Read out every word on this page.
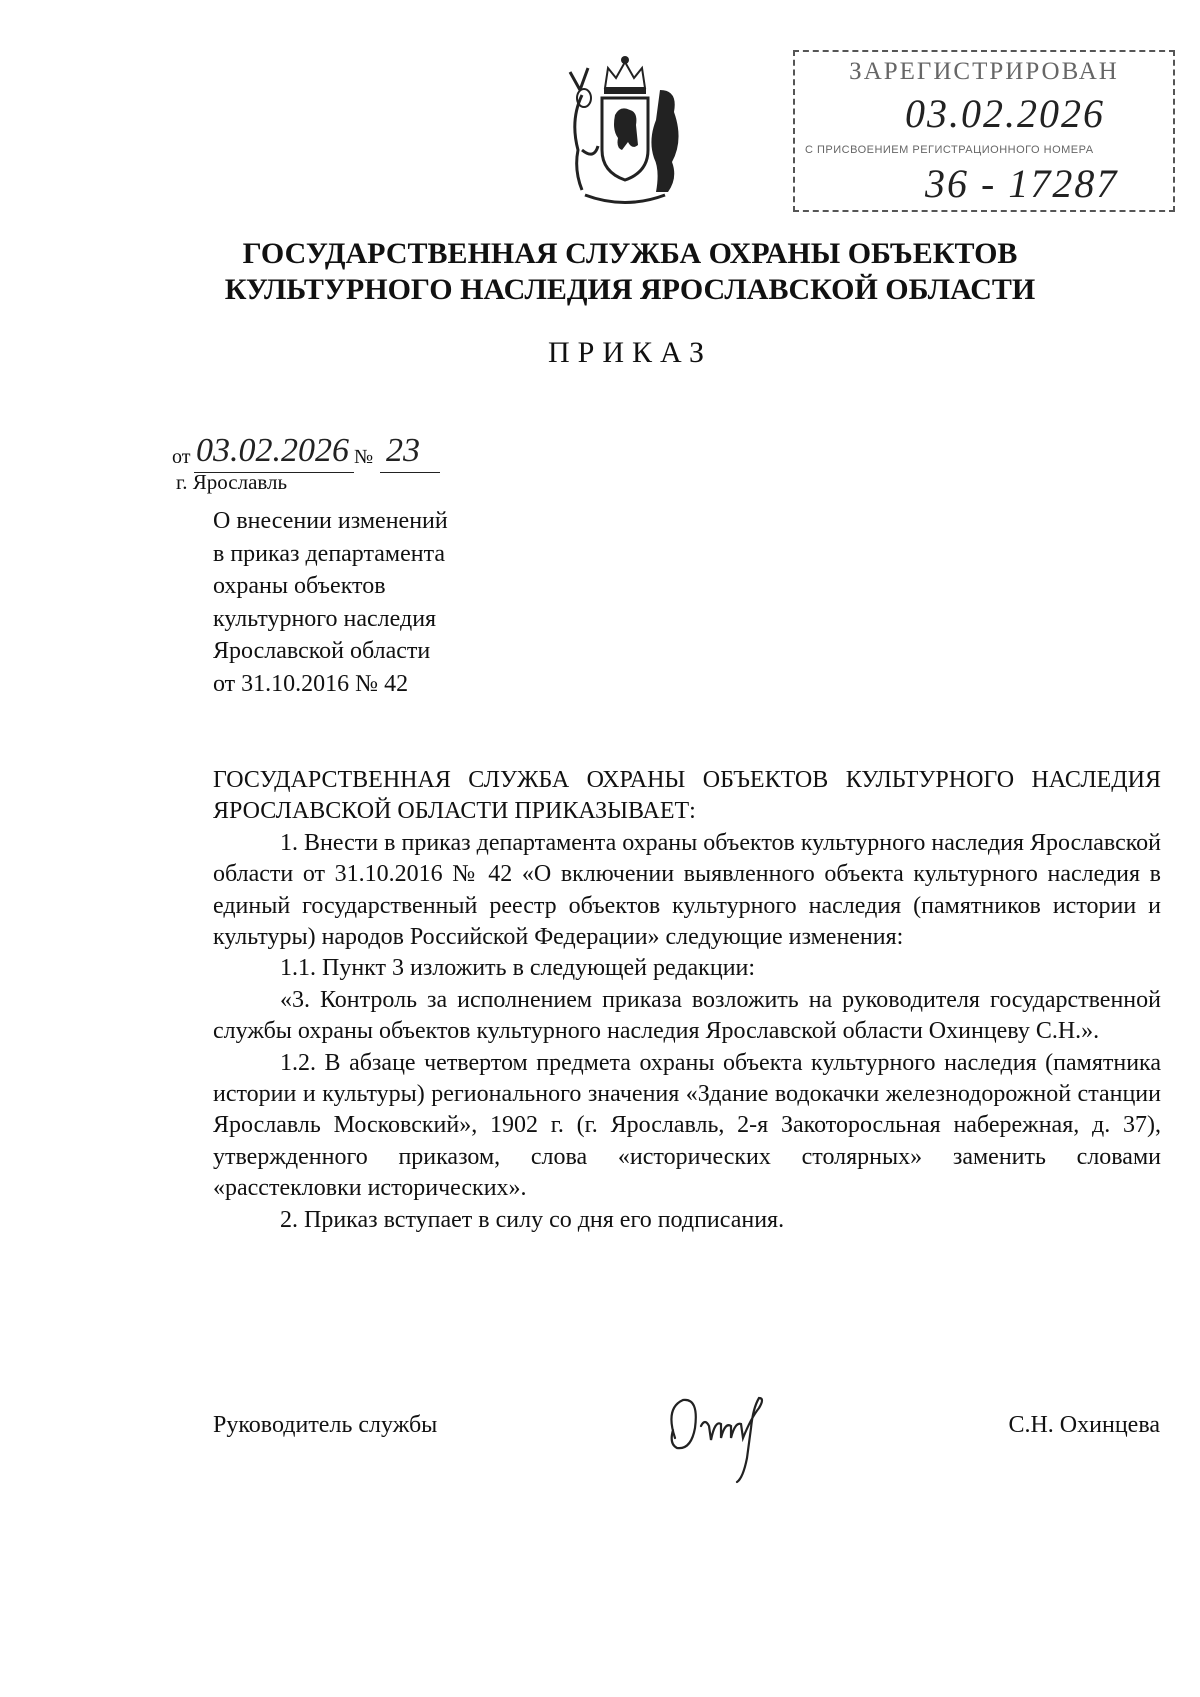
ЗАРЕГИСТРИРОВАН
03.02.2026
С ПРИСВОЕНИЕМ РЕГИСТРАЦИОННОГО НОМЕРА
36 - 17287
ГОСУДАРСТВЕННАЯ СЛУЖБА ОХРАНЫ ОБЪЕКТОВ
КУЛЬТУРНОГО НАСЛЕДИЯ ЯРОСЛАВСКОЙ ОБЛАСТИ
ПРИКАЗ
от 03.02.2026 № 23
г. Ярославль
О внесении изменений
в приказ департамента
охраны объектов
культурного наследия
Ярославской области
от 31.10.2016 № 42

ГОСУДАРСТВЕННАЯ СЛУЖБА ОХРАНЫ ОБЪЕКТОВ КУЛЬТУРНОГО НАСЛЕДИЯ ЯРОСЛАВСКОЙ ОБЛАСТИ ПРИКАЗЫВАЕТ:

1. Внести в приказ департамента охраны объектов культурного наследия Ярославской области от 31.10.2016 № 42 «О включении выявленного объекта культурного наследия в единый государственный реестр объектов культурного наследия (памятников истории и культуры) народов Российской Федерации» следующие изменения:

1.1. Пункт 3 изложить в следующей редакции:

«3. Контроль за исполнением приказа возложить на руководителя государственной службы охраны объектов культурного наследия Ярославской области Охинцеву С.Н.».

1.2. В абзаце четвертом предмета охраны объекта культурного наследия (памятника истории и культуры) регионального значения «Здание водокачки железнодорожной станции Ярославль Московский», 1902 г. (г. Ярославль, 2-я Закоторосльная набережная, д. 37), утвержденного приказом, слова «исторических столярных» заменить словами «расстекловки исторических».

2. Приказ вступает в силу со дня его подписания.

Руководитель службы	С.Н. Охинцева
